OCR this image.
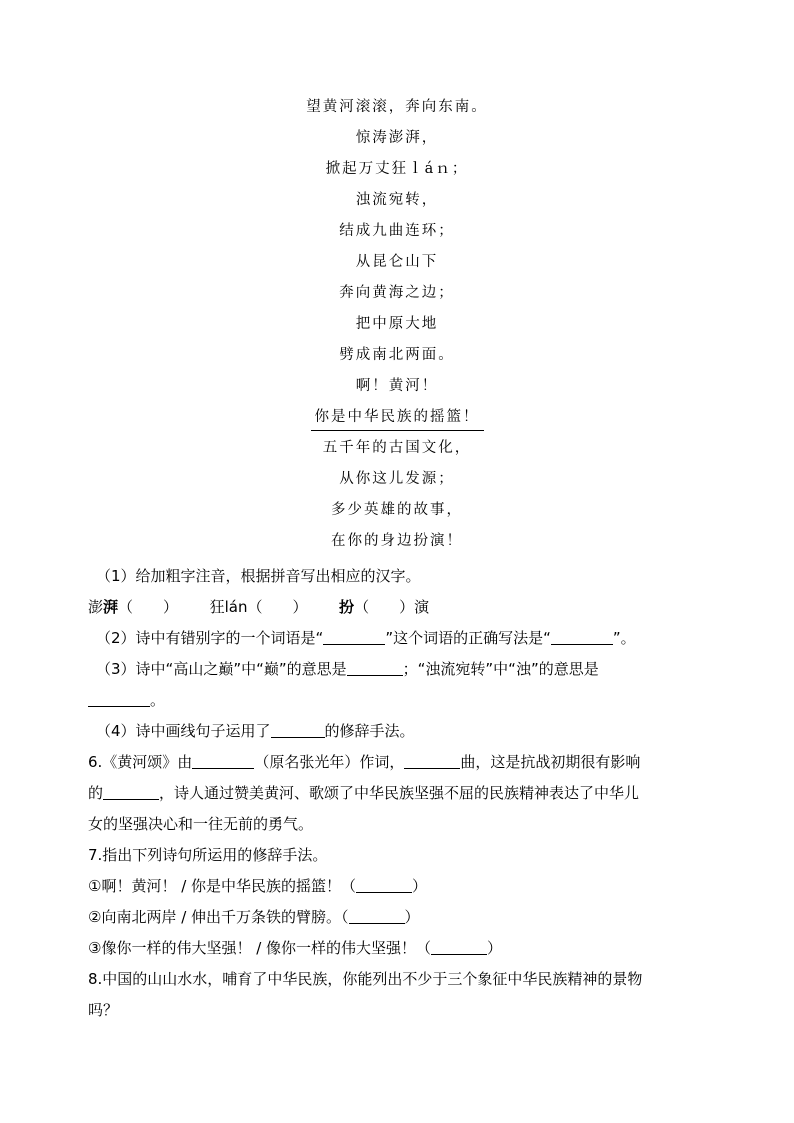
望黄河滚滚，奔向东南。
惊涛澎湃，
掀起万丈狂ｌáｎ；
浊流宛转，
结成九曲连环；
从昆仑山下
奔向黄海之边；
把中原大地
劈成南北两面。
啊！黄河！
你是中华民族的摇篮！
五千年的古国文化，
从你这儿发源；
多少英雄的故事，
在你的身边扮演！
（1）给加粗字注音，根据拼音写出相应的汉字。
澎湃（　　） 狂lán（　　） 扮（　　）演
（2）诗中有错别字的一个词语是“	”这个词语的正确写法是“	”。
（3）诗中“高山之巅”中“巅”的意思是	；“浊流宛转”中“浊”的意思是
。
（4）诗中画线句子运用了	的修辞手法。
6.《黄河颂》由	（原名张光年）作词，	曲，这是抗战初期很有影响
的	，诗人通过赞美黄河、歌颂了中华民族坚强不屈的民族精神表达了中华儿
女的坚强决心和一往无前的勇气。
7.指出下列诗句所运用的修辞手法。
①啊！黄河！ / 你是中华民族的摇篮！（	）
②向南北两岸 / 伸出千万条铁的臂膀。（	）
③像你一样的伟大坚强！ / 像你一样的伟大坚强！（	）
8.中国的山山水水，哺育了中华民族，你能列出不少于三个象征中华民族精神的景物
吗？
